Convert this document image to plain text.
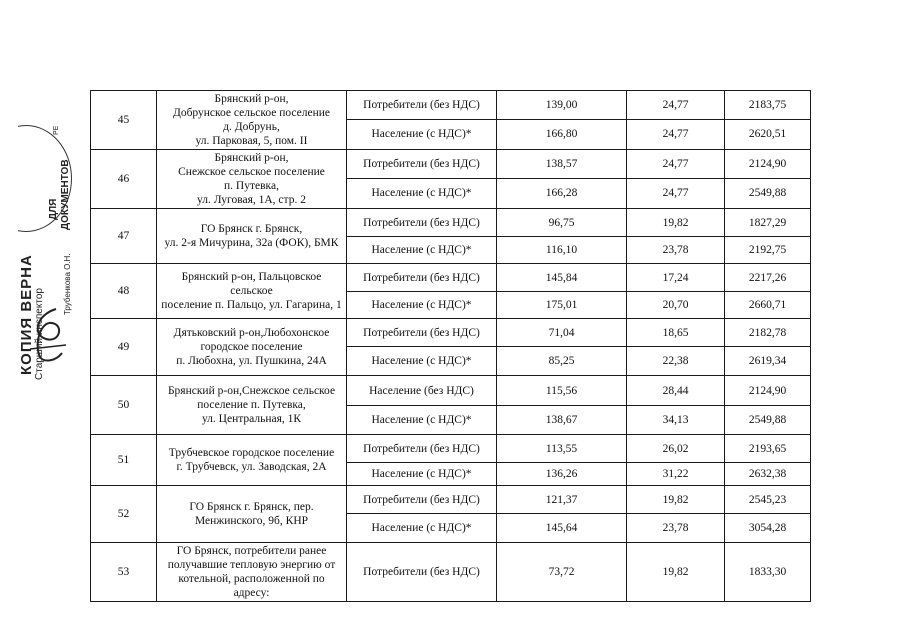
КОПИЯ ВЕРНА Старший инспектор
ДЛЯ ДОКУМЕНТОВ
Трубенкова О.Н.
РЕ
45	Брянский р-он,
Добрунское сельское поселение
д. Добрунь,
ул. Парковая, 5, пом. II	Потребители (без НДС)	139,00	24,77	2183,75
		Население (с НДС)*	166,80	24,77	2620,51
46	Брянский р-он,
Снежское сельское поселение
п. Путевка,
ул. Луговая, 1А, стр. 2	Потребители (без НДС)	138,57	24,77	2124,90
		Население (с НДС)*	166,28	24,77	2549,88
47	ГО Брянск г. Брянск,
ул. 2-я Мичурина, 32а (ФОК), БМК	Потребители (без НДС)	96,75	19,82	1827,29
		Население (с НДС)*	116,10	23,78	2192,75
48	Брянский р-он, Пальцовское сельское
поселение п. Пальцо, ул. Гагарина, 1	Потребители (без НДС)	145,84	17,24	2217,26
		Население (с НДС)*	175,01	20,70	2660,71
49	Дятьковский р-он,Любохонское
городское поселение
п. Любохна, ул. Пушкина, 24А	Потребители (без НДС)	71,04	18,65	2182,78
		Население (с НДС)*	85,25	22,38	2619,34
50	Брянский р-он,Снежское сельское
поселение п. Путевка,
ул. Центральная, 1К	Население (без НДС)	115,56	28,44	2124,90
		Население (с НДС)*	138,67	34,13	2549,88
51	Трубчевское городское поселение
г. Трубчевск, ул. Заводская, 2А	Потребители (без НДС)	113,55	26,02	2193,65
		Население (с НДС)*	136,26	31,22	2632,38
52	ГО Брянск г. Брянск, пер.
Менжинского, 9б, КНР	Потребители (без НДС)	121,37	19,82	2545,23
		Население (с НДС)*	145,64	23,78	3054,28
53	ГО Брянск, потребители ранее
получавшие тепловую энергию от
котельной, расположенной по адресу:	Потребители (без НДС)	73,72	19,82	1833,30
